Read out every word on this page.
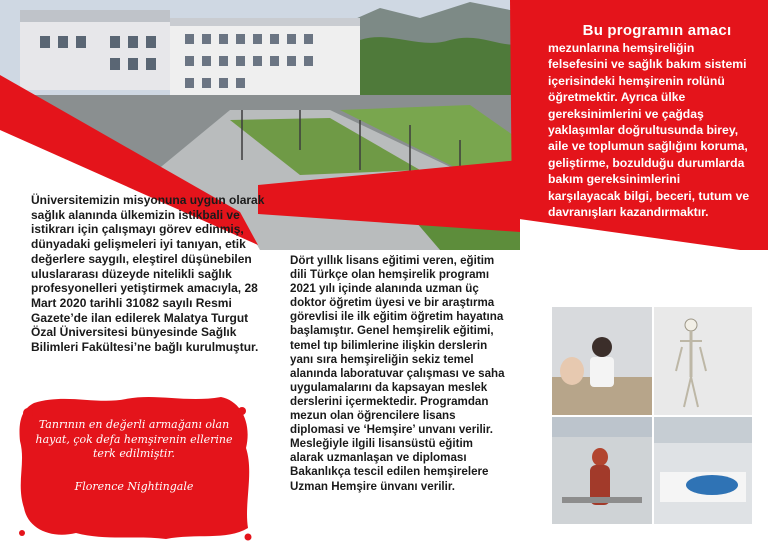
Bu programın amacı
mezunlarına hemşireliğin felsefesini ve sağlık bakım sistemi içerisindeki hemşirenin rolünü öğretmektir. Ayrıca ülke gereksinimlerini ve çağdaş yaklaşımlar doğrultusunda birey, aile ve toplumun sağlığını koruma, geliştirme, bozulduğu durumlarda bakım gereksinimlerini karşılayacak bilgi, beceri, tutum ve davranışları kazandırmaktır.
Üniversitemizin misyonuna uygun olarak sağlık alanında ülkemizin istikbali ve istikrarı için çalışmayı görev edinmiş, dünyadaki gelişmeleri iyi tanıyan, etik değerlere saygılı, eleştirel düşünebilen uluslararası düzeyde nitelikli sağlık profesyonelleri yetiştirmek amacıyla, 28 Mart 2020 tarihli 31082 sayılı Resmi Gazete’de ilan edilerek Malatya Turgut Özal Üniversitesi bünyesinde Sağlık Bilimleri Fakültesi’ne bağlı kurulmuştur.
Dört yıllık lisans eğitimi veren, eğitim dili Türkçe olan hemşirelik programı 2021 yılı içinde alanında uzman üç doktor öğretim üyesi ve bir araştırma görevlisi ile ilk eğitim öğretim hayatına başlamıştır. Genel hemşirelik eğitimi, temel tıp bilimlerine ilişkin derslerin yanı sıra hemşireliğin sekiz temel alanında laboratuvar çalışması ve saha uygulamalarını da kapsayan meslek derslerini içermektedir. Programdan mezun olan öğrencilere lisans diplomasi ve ‘Hemşire’ unvanı verilir. Mesleğiyle ilgili lisansüstü eğitim alarak uzmanlaşan ve diploması Bakanlıkça tescil edilen hemşirelere Uzman Hemşire ünvanı verilir.
Tanrının en değerli armağanı olan hayat, çok defa hemşirenin ellerine terk edilmiştir.
Florence Nightingale
